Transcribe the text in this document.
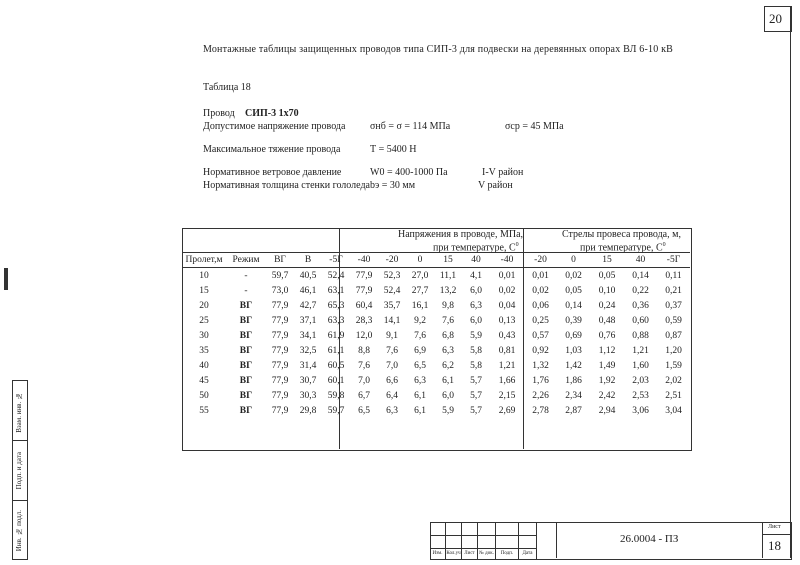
20
Монтажные таблицы защищенных проводов типа СИП-3 для подвески на деревянных опорах ВЛ 6-10 кВ
Таблица 18
Провод СИП-3 1х70
Допустимое напряжение провода σнб = σ = 114 МПа	σср = 45 МПа
Максимальное тяжение провода	Т = 5400 Н
Нормативное ветровое давление	W0 = 400-1000 Па	I-V район
Нормативная толщина стенки гололеда bэ = 30 мм	V район
Напряжения в проводе, МПа,
при температуре, $С^0$
Стрелы провеса провода, м,
при температуре, $С^0$

Пролет,м	Режим	ВГ	В	-5Г	-40	-20	0	15	40	-40	-20	0	15	40	-5Г
10	-	59,7	40,5	52,4	77,9	52,3	27,0	11,1	4,1	0,01	0,01	0,02	0,05	0,14	0,11
15	-	73,0	46,1	63,1	77,9	52,4	27,7	13,2	6,0	0,02	0,02	0,05	0,10	0,22	0,21
20	ВГ	77,9	42,7	65,3	60,4	35,7	16,1	9,8	6,3	0,04	0,06	0,14	0,24	0,36	0,37
25	ВГ	77,9	37,1	63,3	28,3	14,1	9,2	7,6	6,0	0,13	0,25	0,39	0,48	0,60	0,59
30	ВГ	77,9	34,1	61,9	12,0	9,1	7,6	6,8	5,9	0,43	0,57	0,69	0,76	0,88	0,87
35	ВГ	77,9	32,5	61,1	8,8	7,6	6,9	6,3	5,8	0,81	0,92	1,03	1,12	1,21	1,20
40	ВГ	77,9	31,4	60,5	7,6	7,0	6,5	6,2	5,8	1,21	1,32	1,42	1,49	1,60	1,59
45	ВГ	77,9	30,7	60,1	7,0	6,6	6,3	6,1	5,7	1,66	1,76	1,86	1,92	2,03	2,02
50	ВГ	77,9	30,3	59,8	6,7	6,4	6,1	6,0	5,7	2,15	2,26	2,34	2,42	2,53	2,51
55	ВГ	77,9	29,8	59,7	6,5	6,3	6,1	5,9	5,7	2,69	2,78	2,87	2,94	3,06	3,04

Взам. инв. №
Подп. и дата
Инв. № подл.	Лист
18
26.0004 - ПЗ
Изм. Кол.уч Лист № док.	Подп.	Дата
